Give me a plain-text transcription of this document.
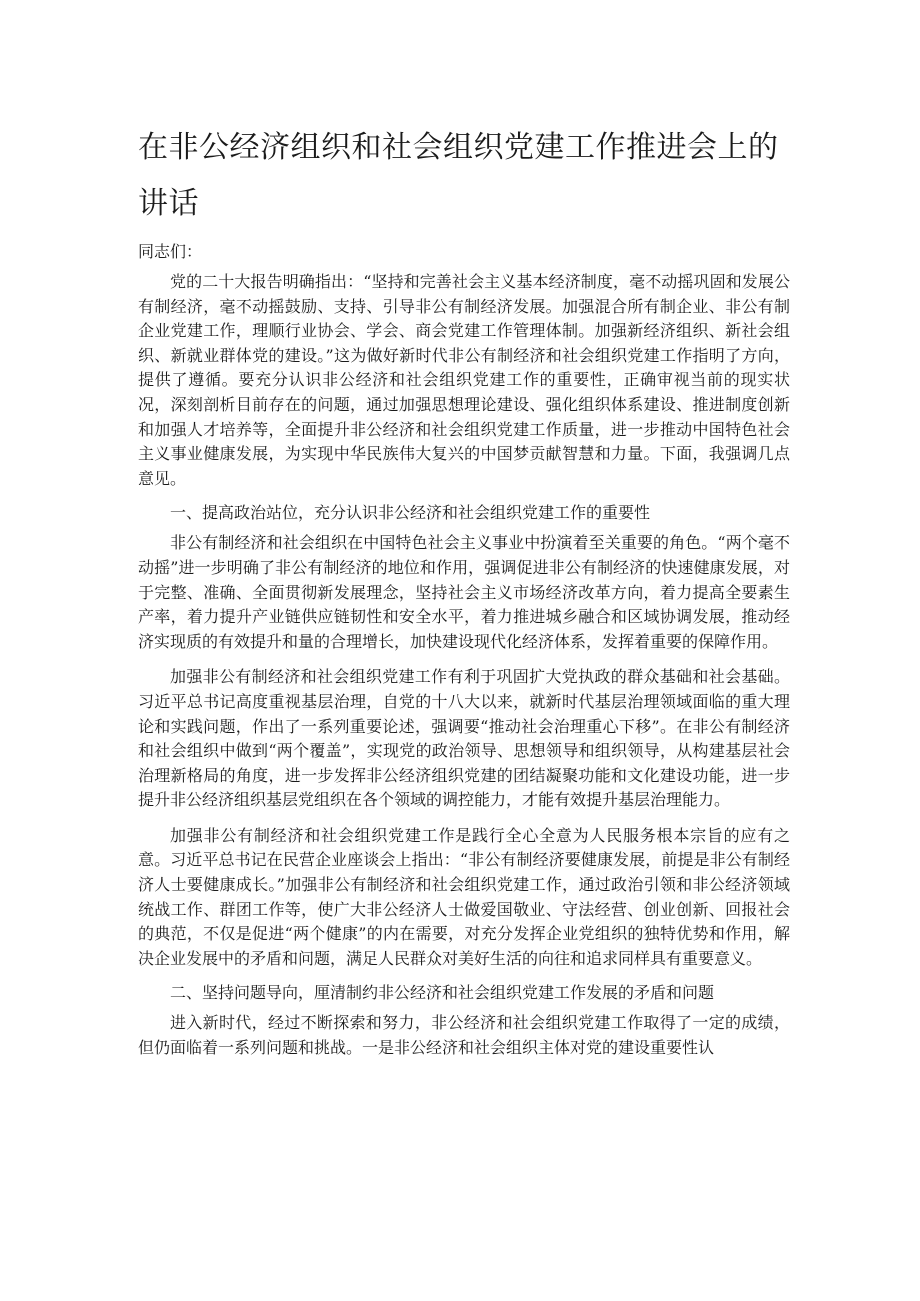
在非公经济组织和社会组织党建工作推进会上的讲话

同志们：

党的二十大报告明确指出：“坚持和完善社会主义基本经济制度，毫不动摇巩固和发展公有制经济，毫不动摇鼓励、支持、引导非公有制经济发展。加强混合所有制企业、非公有制企业党建工作，理顺行业协会、学会、商会党建工作管理体制。加强新经济组织、新社会组织、新就业群体党的建设。”这为做好新时代非公有制经济和社会组织党建工作指明了方向，提供了遵循。要充分认识非公经济和社会组织党建工作的重要性，正确审视当前的现实状况，深刻剖析目前存在的问题，通过加强思想理论建设、强化组织体系建设、推进制度创新和加强人才培养等，全面提升非公经济和社会组织党建工作质量，进一步推动中国特色社会主义事业健康发展，为实现中华民族伟大复兴的中国梦贡献智慧和力量。下面，我强调几点意见。

一、提高政治站位，充分认识非公经济和社会组织党建工作的重要性

非公有制经济和社会组织在中国特色社会主义事业中扮演着至关重要的角色。“两个毫不动摇”进一步明确了非公有制经济的地位和作用，强调促进非公有制经济的快速健康发展，对于完整、准确、全面贯彻新发展理念，坚持社会主义市场经济改革方向，着力提高全要素生产率，着力提升产业链供应链韧性和安全水平，着力推进城乡融合和区域协调发展，推动经济实现质的有效提升和量的合理增长，加快建设现代化经济体系，发挥着重要的保障作用。

加强非公有制经济和社会组织党建工作有利于巩固扩大党执政的群众基础和社会基础。习近平总书记高度重视基层治理，自党的十八大以来，就新时代基层治理领域面临的重大理论和实践问题，作出了一系列重要论述，强调要“推动社会治理重心下移”。在非公有制经济和社会组织中做到“两个覆盖”，实现党的政治领导、思想领导和组织领导，从构建基层社会治理新格局的角度，进一步发挥非公经济组织党建的团结凝聚功能和文化建设功能，进一步提升非公经济组织基层党组织在各个领域的调控能力，才能有效提升基层治理能力。

加强非公有制经济和社会组织党建工作是践行全心全意为人民服务根本宗旨的应有之意。习近平总书记在民营企业座谈会上指出：“非公有制经济要健康发展，前提是非公有制经济人士要健康成长。”加强非公有制经济和社会组织党建工作，通过政治引领和非公经济领域统战工作、群团工作等，使广大非公经济人士做爱国敬业、守法经营、创业创新、回报社会的典范，不仅是促进“两个健康”的内在需要，对充分发挥企业党组织的独特优势和作用，解决企业发展中的矛盾和问题，满足人民群众对美好生活的向往和追求同样具有重要意义。

二、坚持问题导向，厘清制约非公经济和社会组织党建工作发展的矛盾和问题

进入新时代，经过不断探索和努力，非公经济和社会组织党建工作取得了一定的成绩，但仍面临着一系列问题和挑战。一是非公经济和社会组织主体对党的建设重要性认
